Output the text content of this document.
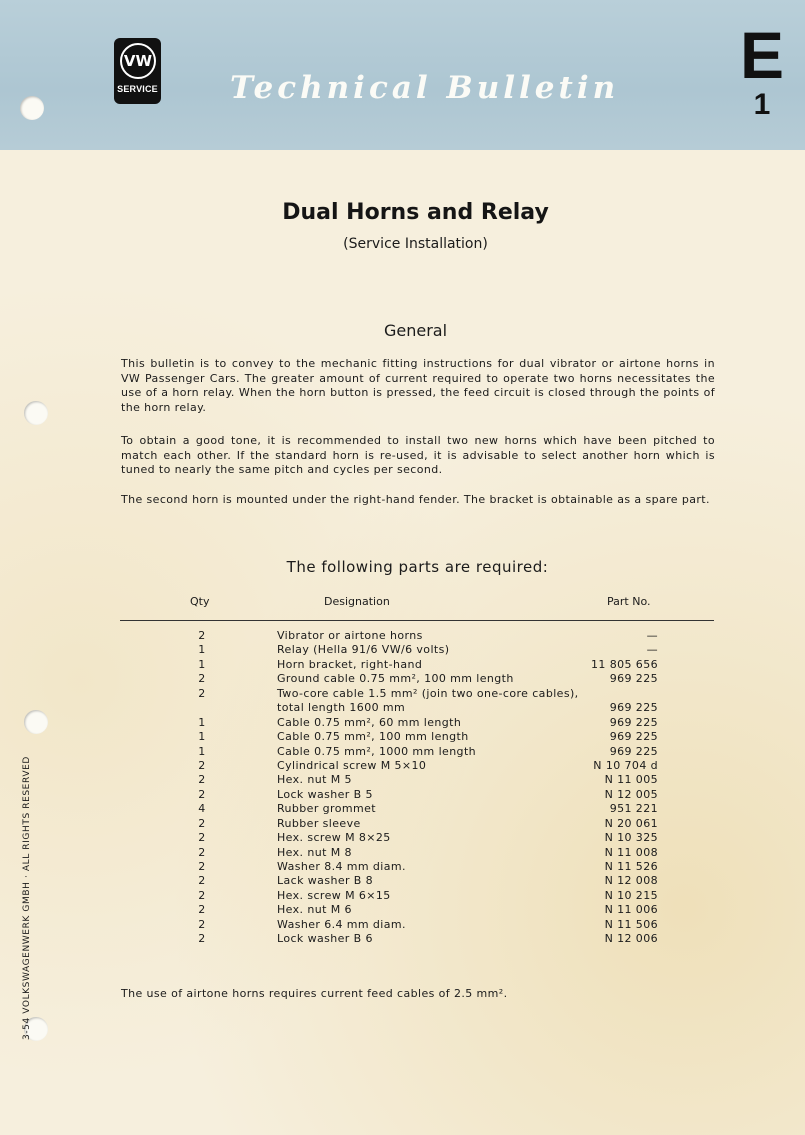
VW
SERVICE Technical Bulletin E
1
Dual Horns and Relay
(Service Installation)
General

This bulletin is to convey to the mechanic fitting instructions for dual vibrator or airtone horns in VW Passenger Cars. The greater amount of current required to operate two horns necessitates the use of a horn relay. When the horn button is pressed, the feed circuit is closed through the points of the horn relay.

To obtain a good tone, it is recommended to install two new horns which have been pitched to match each other. If the standard horn is re-used, it is advisable to select another horn which is tuned to nearly the same pitch and cycles per second.

The second horn is mounted under the right-hand fender. The bracket is obtainable as a spare part.

The following parts are required:
Qty	Designation	Part No.
2	Vibrator or airtone horns	—
1	Relay (Hella 91/6 VW/6 volts)	—
1	Horn bracket, right-hand	11 805 656
2	Ground cable 0.75 mm², 100 mm length	969 225
2	Two-core cable 1.5 mm² (join two one-core cables), total length 1600 mm	969 225
1	Cable 0.75 mm², 60 mm length	969 225
1	Cable 0.75 mm², 100 mm length	969 225
1	Cable 0.75 mm², 1000 mm length	969 225
2	Cylindrical screw M 5×10	N 10 704 d
2	Hex. nut M 5	N 11 005
2	Lock washer B 5	N 12 005
4	Rubber grommet	951 221
2	Rubber sleeve	N 20 061
2	Hex. screw M 8×25	N 10 325
2	Hex. nut M 8	N 11 008
2	Washer 8.4 mm diam.	N 11 526
2	Lack washer B 8	N 12 008
2	Hex. screw M 6×15	N 10 215
2	Hex. nut M 6	N 11 006
2	Washer 6.4 mm diam.	N 11 506
2	Lock washer B 6	N 12 006
The use of airtone horns requires current feed cables of 2.5 mm².
3-54 VOLKSWAGENWERK GMBH · ALL RIGHTS RESERVED
